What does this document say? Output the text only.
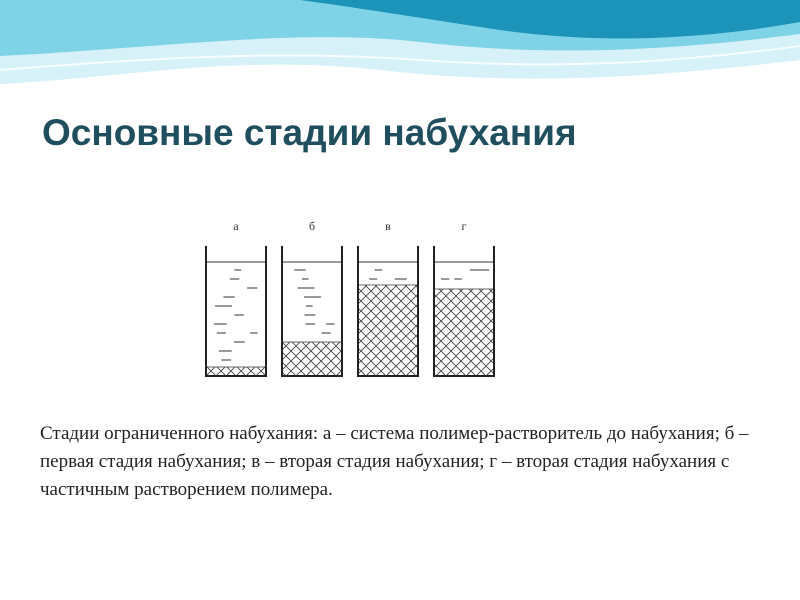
Основные стадии набухания
а	б	в	г

Стадии ограниченного набухания: а – система полимер-растворитель до набухания; б – первая стадия набухания; в – вторая стадия набухания; г – вторая стадия набухания с частичным растворением полимера.
